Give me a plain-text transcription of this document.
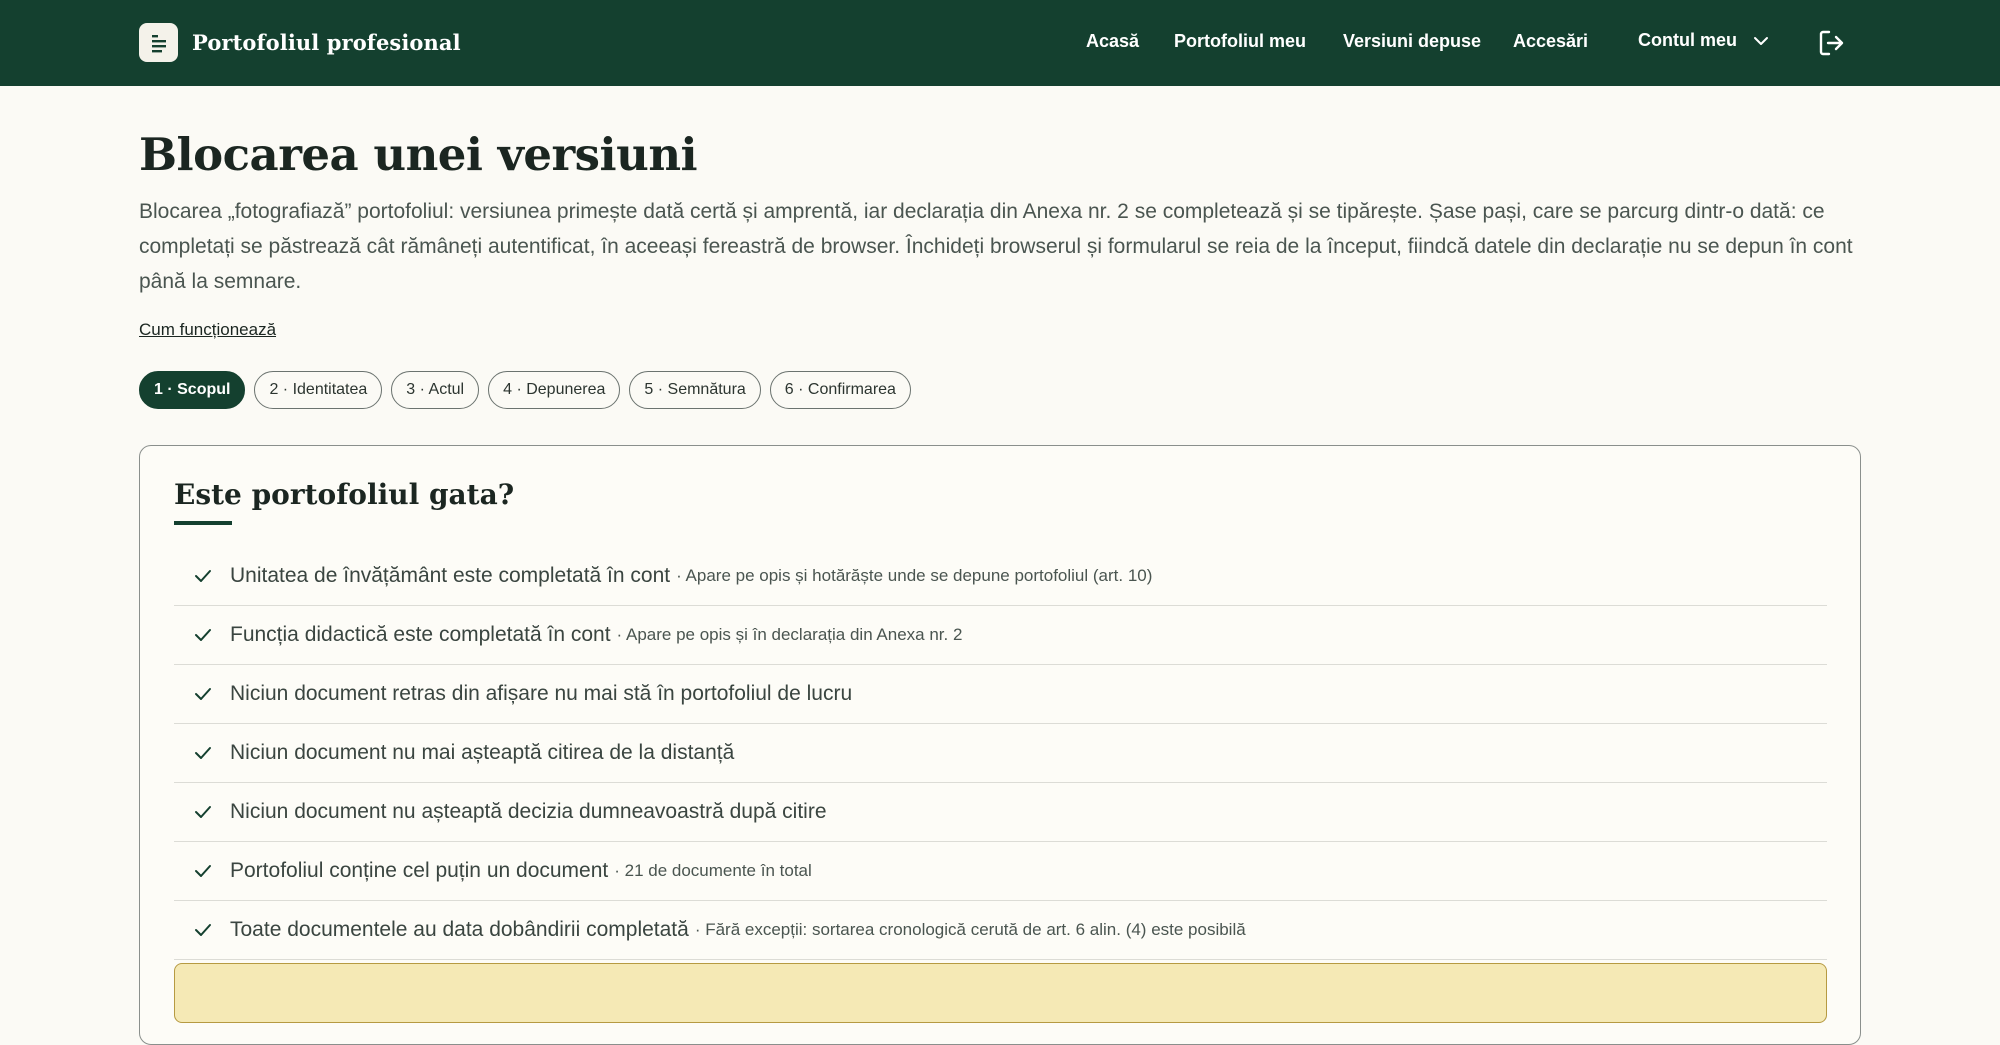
Portofoliul profesional	Acasă Portofoliul meu Versiuni depuse Accesări	Contul meu
Blocarea unei versiuni

Blocarea „fotografiază” portofoliul: versiunea primește dată certă și amprentă, iar declarația din Anexa nr. 2 se completează și se tipărește. Șase pași, care se parcurg dintr-o dată: ce completați se păstrează cât rămâneți autentificat, în aceeași fereastră de browser. Închideți browserul și formularul se reia de la început, fiindcă datele din declarație nu se depun în cont până la semnare.

Cum funcționează
1 · Scopul	2 · Identitatea	3 · Actul	4 · Depunerea	5 · Semnătura	6 · Confirmarea
Este portofoliul gata?
Unitatea de învățământ este completată în cont · Apare pe opis și hotărăște unde se depune portofoliul (art. 10)
Funcția didactică este completată în cont · Apare pe opis și în declarația din Anexa nr. 2
Niciun document retras din afișare nu mai stă în portofoliul de lucru
Niciun document nu mai așteaptă citirea de la distanță
Niciun document nu așteaptă decizia dumneavoastră după citire
Portofoliul conține cel puțin un document · 21 de documente în total
Toate documentele au data dobândirii completată · Fără excepții: sortarea cronologică cerută de art. 6 alin. (4) este posibilă
